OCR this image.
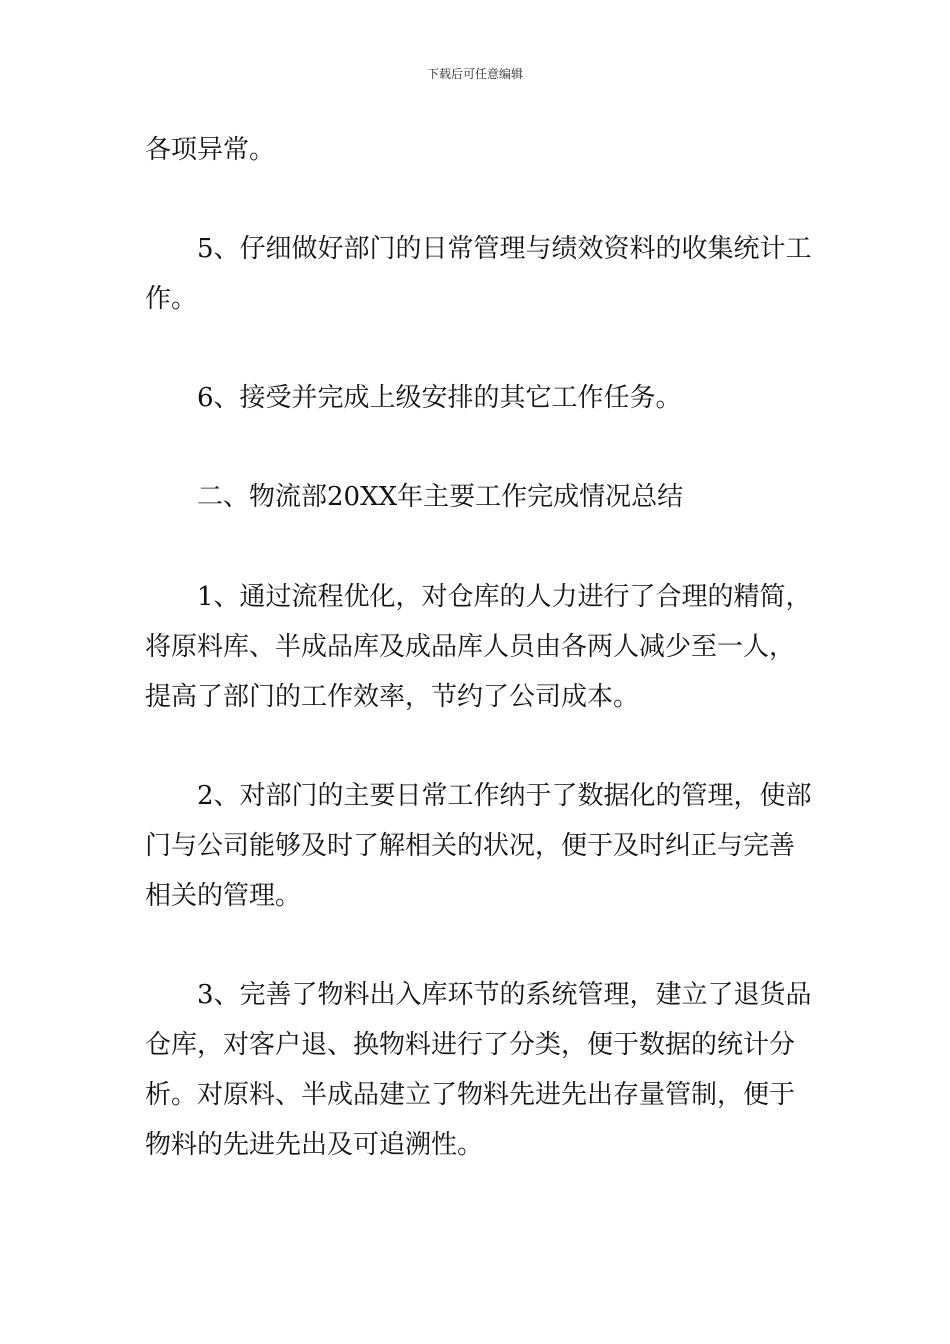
下载后可任意编辑

各项异常。

5、仔细做好部门的日常管理与绩效资料的收集统计工
作。

6、接受并完成上级安排的其它工作任务。

二、物流部20XX年主要工作完成情况总结

1、通过流程优化，对仓库的人力进行了合理的精简，
将原料库、半成品库及成品库人员由各两人减少至一人，
提高了部门的工作效率，节约了公司成本。

2、对部门的主要日常工作纳于了数据化的管理，使部
门与公司能够及时了解相关的状况，便于及时纠正与完善
相关的管理。

3、完善了物料出入库环节的系统管理，建立了退货品
仓库，对客户退、换物料进行了分类，便于数据的统计分
析。对原料、半成品建立了物料先进先出存量管制，便于
物料的先进先出及可追溯性。
